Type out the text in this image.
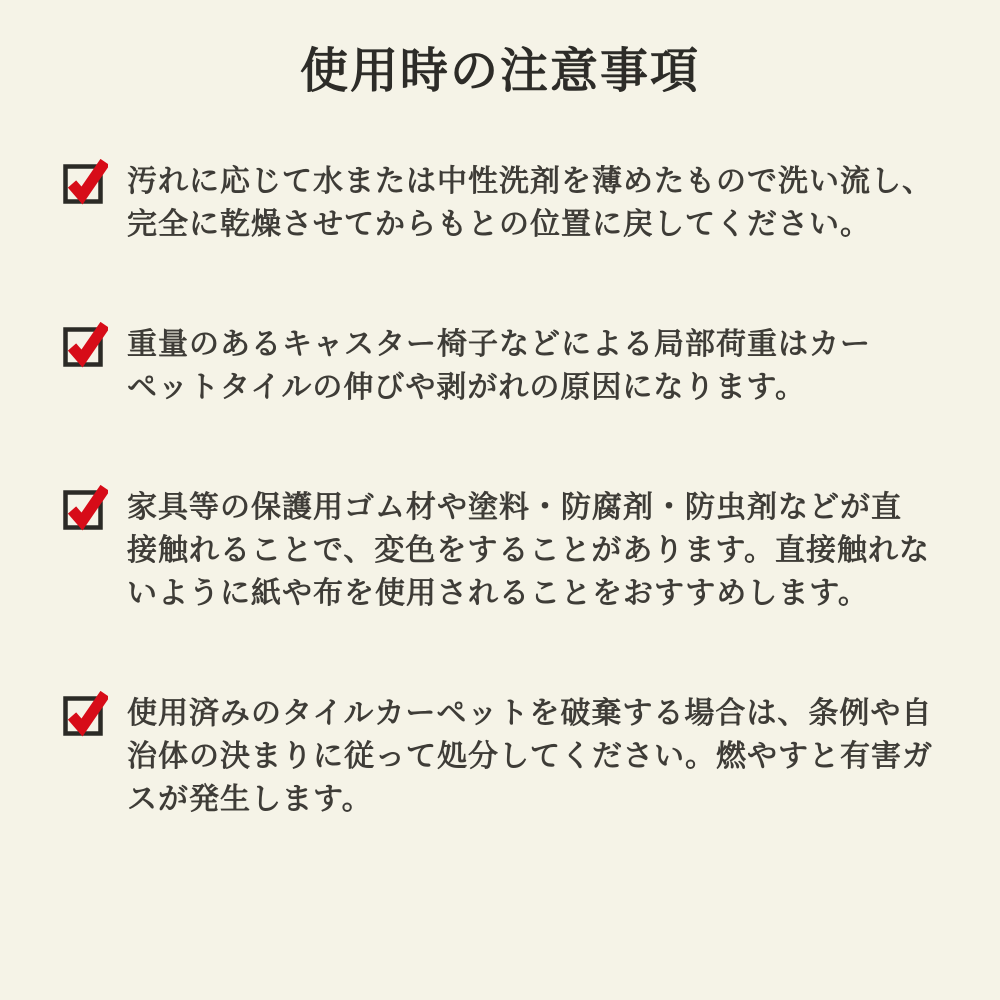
使用時の注意事項
汚れに応じて水または中性洗剤を薄めたもので洗い流し、
完全に乾燥させてからもとの位置に戻してください。
重量のあるキャスター椅子などによる局部荷重はカー
ペットタイルの伸びや剥がれの原因になります。
家具等の保護用ゴム材や塗料・防腐剤・防虫剤などが直
接触れることで、変色をすることがあります。直接触れな
いように紙や布を使用されることをおすすめします。
使用済みのタイルカーペットを破棄する場合は、条例や自
治体の決まりに従って処分してください。燃やすと有害ガ
スが発生します。
